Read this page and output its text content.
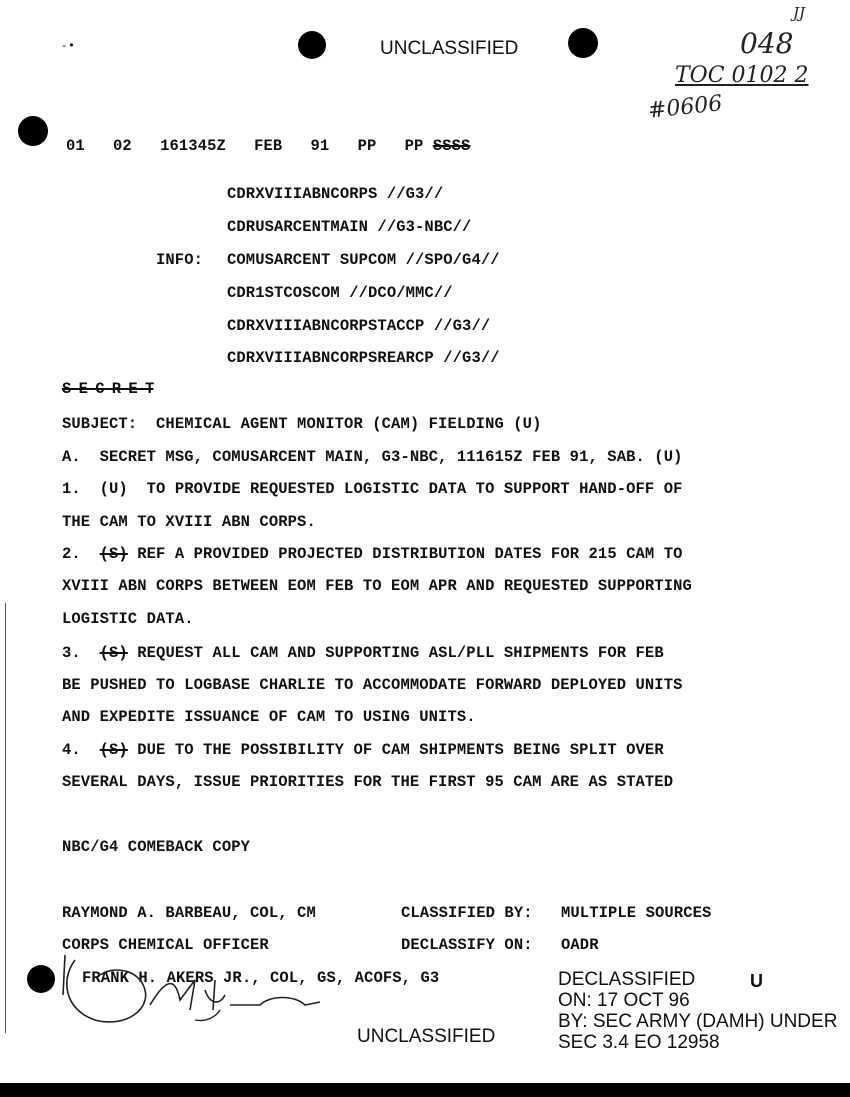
- •	UNCLASSIFIED	048
TOC 0102 2
#0606
JJ

01 02 161345Z FEB 91 PP PP SSSS
CDRXVIIIABNCORPS //G3//
CDRUSARCENTMAIN //G3-NBC//
INFO: COMUSARCENT SUPCOM //SPO/G4//
CDR1STCOSCOM //DCO/MMC//
CDRXVIIIABNCORPSTACCP //G3//
CDRXVIIIABNCORPSREARCP //G3//
S E C R E T
SUBJECT:  CHEMICAL AGENT MONITOR (CAM) FIELDING (U)
A.  SECRET MSG, COMUSARCENT MAIN, G3-NBC, 111615Z FEB 91, SAB. (U)
1.  (U)  TO PROVIDE REQUESTED LOGISTIC DATA TO SUPPORT HAND-OFF OF
THE CAM TO XVIII ABN CORPS.
2. (S) REF A PROVIDED PROJECTED DISTRIBUTION DATES FOR 215 CAM TO
XVIII ABN CORPS BETWEEN EOM FEB TO EOM APR AND REQUESTED SUPPORTING
LOGISTIC DATA.
3. (S) REQUEST ALL CAM AND SUPPORTING ASL/PLL SHIPMENTS FOR FEB
BE PUSHED TO LOGBASE CHARLIE TO ACCOMMODATE FORWARD DEPLOYED UNITS
AND EXPEDITE ISSUANCE OF CAM TO USING UNITS.
4. (S) DUE TO THE POSSIBILITY OF CAM SHIPMENTS BEING SPLIT OVER
SEVERAL DAYS, ISSUE PRIORITIES FOR THE FIRST 95 CAM ARE AS STATED
NBC/G4 COMEBACK COPY
RAYMOND A. BARBEAU, COL, CM
CORPS CHEMICAL OFFICER
FRANK H. AKERS JR., COL, GS, ACOFS, G3
CLASSIFIED BY: MULTIPLE SOURCES
DECLASSIFY ON: OADR
UNCLASSIFIED
DECLASSIFIED
ON: 17 OCT 96
BY: SEC ARMY (DAMH) UNDER
SEC 3.4 EO 12958
U
